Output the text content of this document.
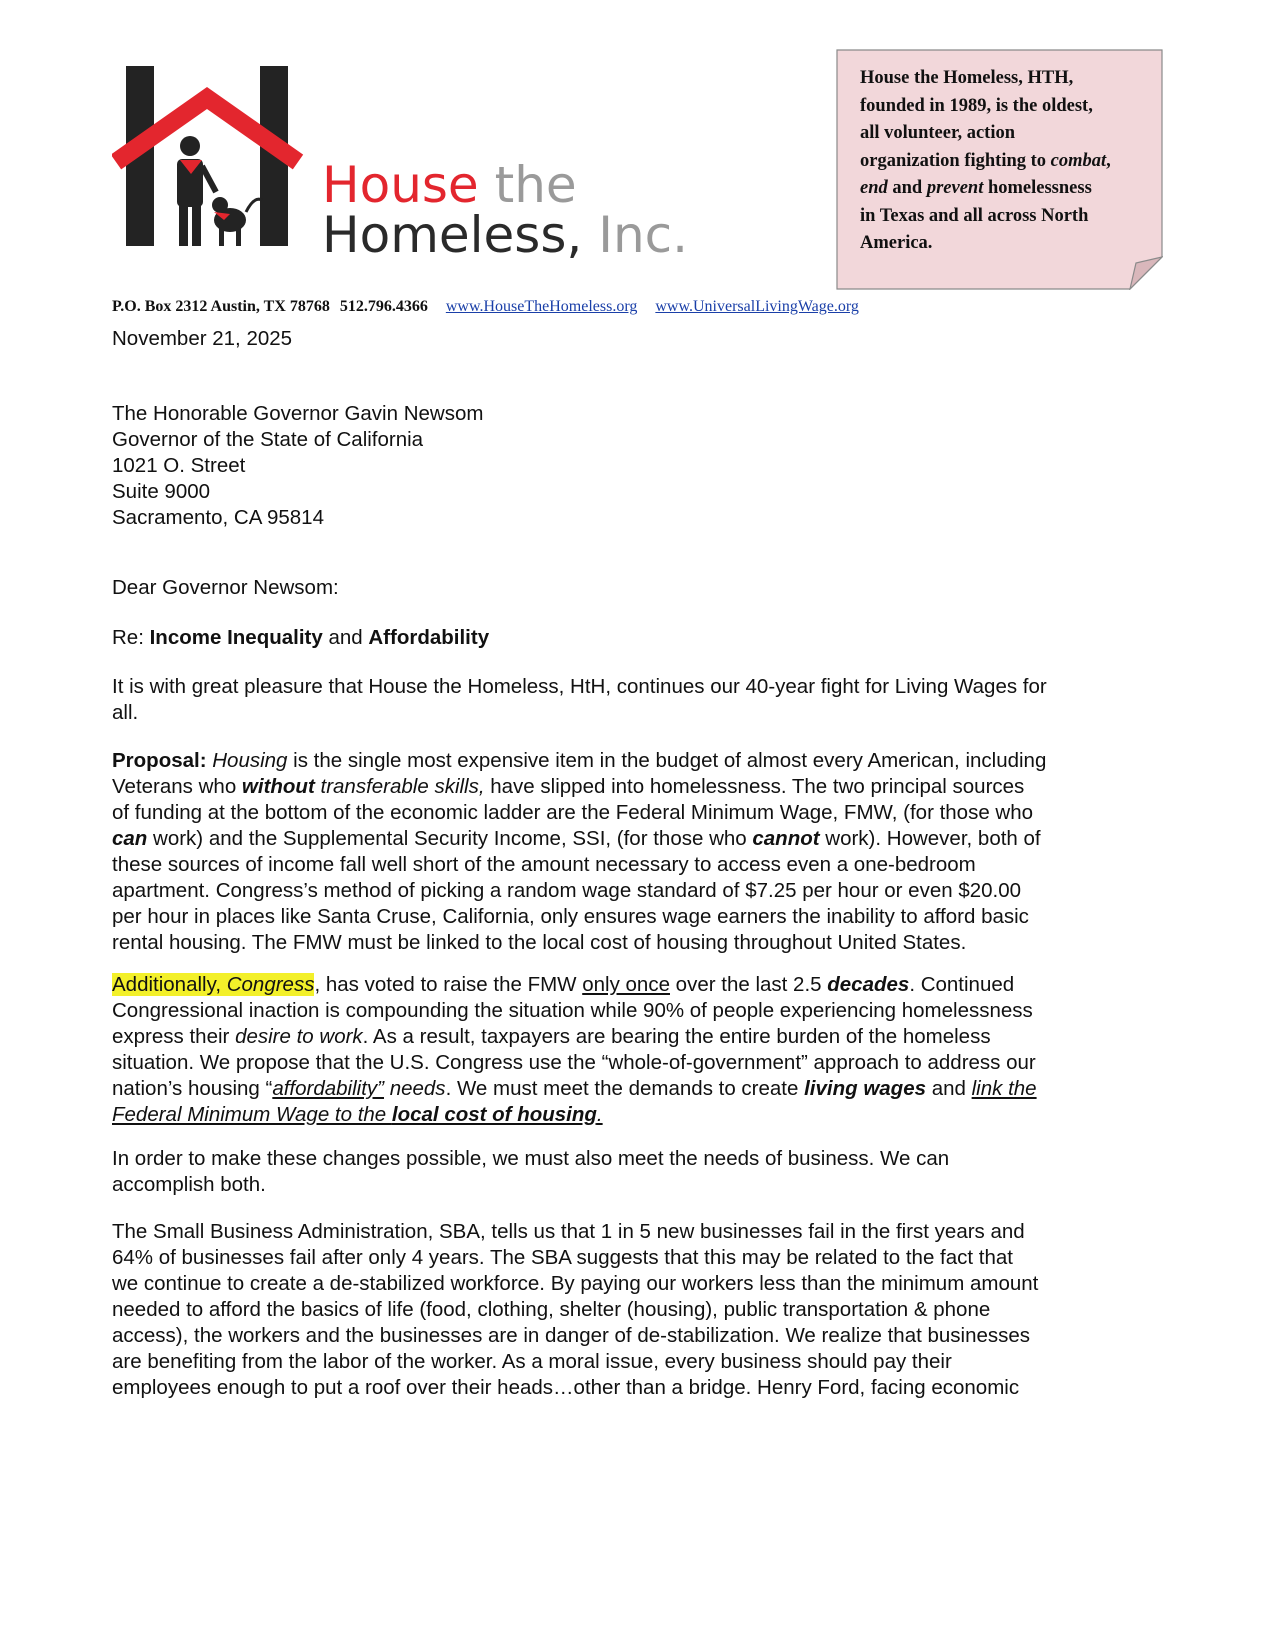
House the
Homeless, Inc.
House the Homeless, HTH,
founded in 1989, is the oldest,
all volunteer, action
organization fighting to combat,
end and prevent homelessness
in Texas and all across North
America.
P.O. Box 2312 Austin, TX 78768 512.796.4366 www.HouseTheHomeless.org www.UniversalLivingWage.org
November 21, 2025
The Honorable Governor Gavin Newsom
Governor of the State of California
1021 O. Street
Suite 9000
Sacramento, CA 95814
Dear Governor Newsom:
Re: Income Inequality and Affordability
It is with great pleasure that House the Homeless, HtH, continues our 40-year fight for Living Wages for
all.
Proposal: Housing is the single most expensive item in the budget of almost every American, including
Veterans who without transferable skills, have slipped into homelessness. The two principal sources
of funding at the bottom of the economic ladder are the Federal Minimum Wage, FMW, (for those who
can work) and the Supplemental Security Income, SSI, (for those who cannot work). However, both of
these sources of income fall well short of the amount necessary to access even a one-bedroom
apartment. Congress’s method of picking a random wage standard of $7.25 per hour or even $20.00
per hour in places like Santa Cruse, California, only ensures wage earners the inability to afford basic
rental housing. The FMW must be linked to the local cost of housing throughout United States.
Additionally, Congress, has voted to raise the FMW only once over the last 2.5 decades. Continued
Congressional inaction is compounding the situation while 90% of people experiencing homelessness
express their desire to work. As a result, taxpayers are bearing the entire burden of the homeless
situation. We propose that the U.S. Congress use the “whole-of-government” approach to address our
nation’s housing “affordability” needs. We must meet the demands to create living wages and link the
Federal Minimum Wage to the local cost of housing.
In order to make these changes possible, we must also meet the needs of business. We can
accomplish both.
The Small Business Administration, SBA, tells us that 1 in 5 new businesses fail in the first years and
64% of businesses fail after only 4 years. The SBA suggests that this may be related to the fact that
we continue to create a de-stabilized workforce. By paying our workers less than the minimum amount
needed to afford the basics of life (food, clothing, shelter (housing), public transportation & phone
access), the workers and the businesses are in danger of de-stabilization. We realize that businesses
are benefiting from the labor of the worker. As a moral issue, every business should pay their
employees enough to put a roof over their heads…other than a bridge. Henry Ford, facing economic
